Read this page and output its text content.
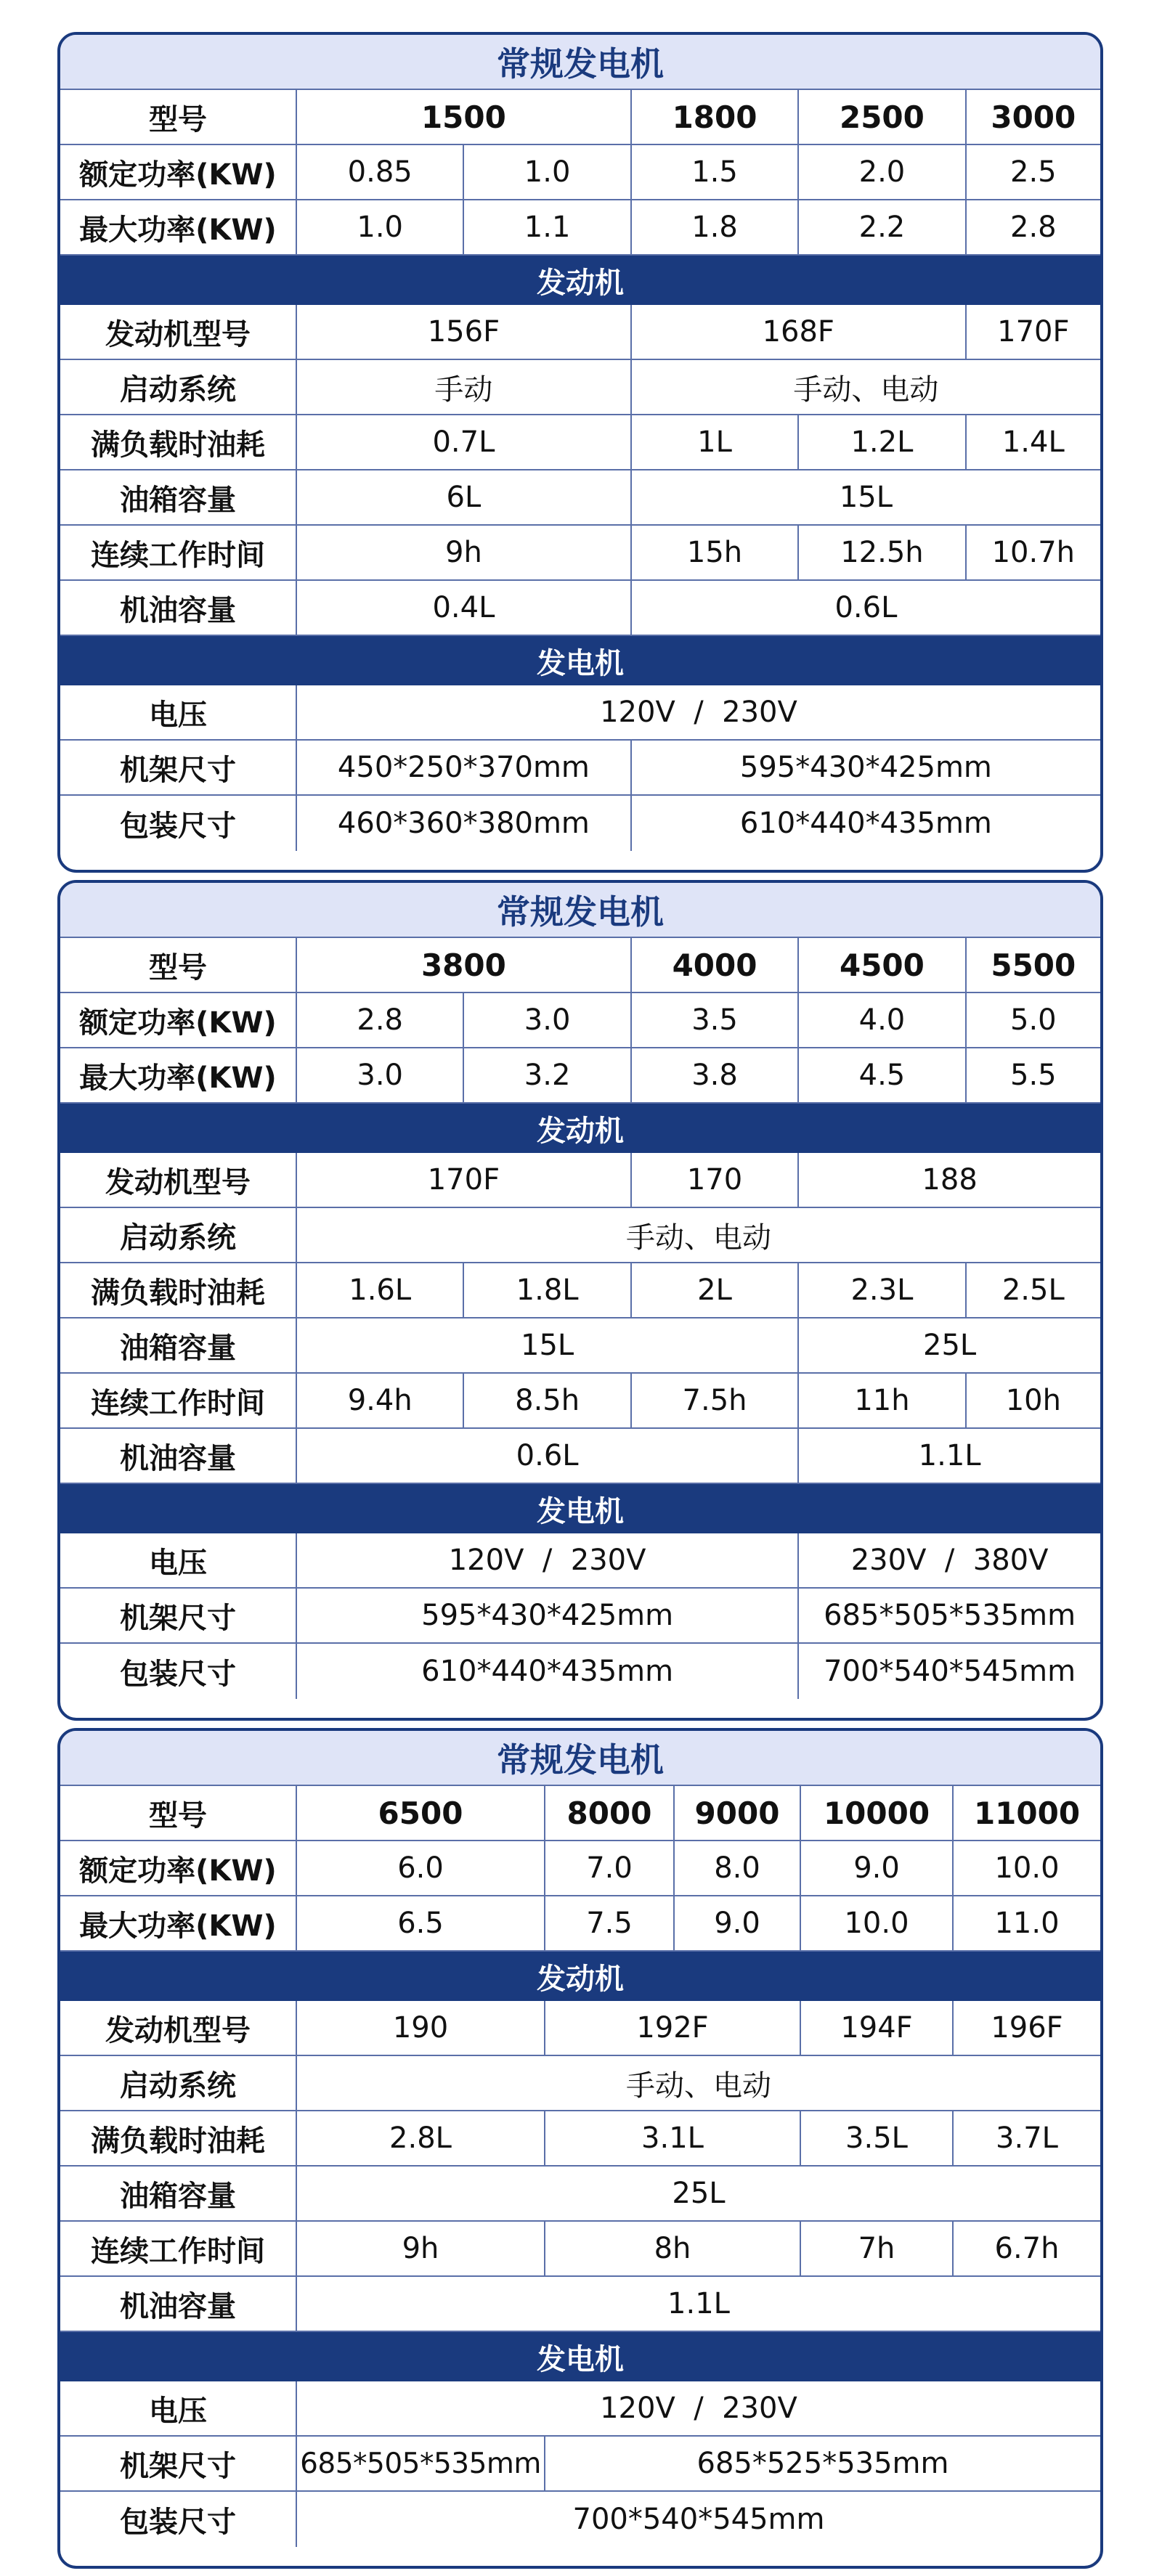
常规发电机
型号	1500	1800	2500	3000
额定功率(KW)	0.85	1.0	1.5	2.0	2.5
最大功率(KW)	1.0	1.1	1.8	2.2	2.8
发动机
发动机型号	156F	168F	170F
启动系统	手动	手动、电动
满负载时油耗	0.7L	1L	1.2L	1.4L
油箱容量	6L	15L
连续工作时间	9h	15h	12.5h	10.7h
机油容量	0.4L	0.6L
发电机
电压	120V  /  230V
机架尺寸	450*250*370mm	595*430*425mm
包装尺寸	460*360*380mm	610*440*435mm
常规发电机
型号	3800	4000	4500	5500
额定功率(KW)	2.8	3.0	3.5	4.0	5.0
最大功率(KW)	3.0	3.2	3.8	4.5	5.5
发动机
发动机型号	170F	170	188
启动系统	手动、电动
满负载时油耗	1.6L	1.8L	2L	2.3L	2.5L
油箱容量	15L	25L
连续工作时间	9.4h	8.5h	7.5h	11h	10h
机油容量	0.6L	1.1L
发电机
电压	120V  /  230V	230V  /  380V
机架尺寸	595*430*425mm	685*505*535mm
包装尺寸	610*440*435mm	700*540*545mm
常规发电机
型号	6500	8000	9000	10000	11000
额定功率(KW)	6.0	7.0	8.0	9.0	10.0
最大功率(KW)	6.5	7.5	9.0	10.0	11.0
发动机
发动机型号	190	192F	194F	196F
启动系统	手动、电动
满负载时油耗	2.8L	3.1L	3.5L	3.7L
油箱容量	25L
连续工作时间	9h	8h	7h	6.7h
机油容量	1.1L
发电机
电压	120V  /  230V
机架尺寸	685*505*535mm	685*525*535mm
包装尺寸	700*540*545mm
